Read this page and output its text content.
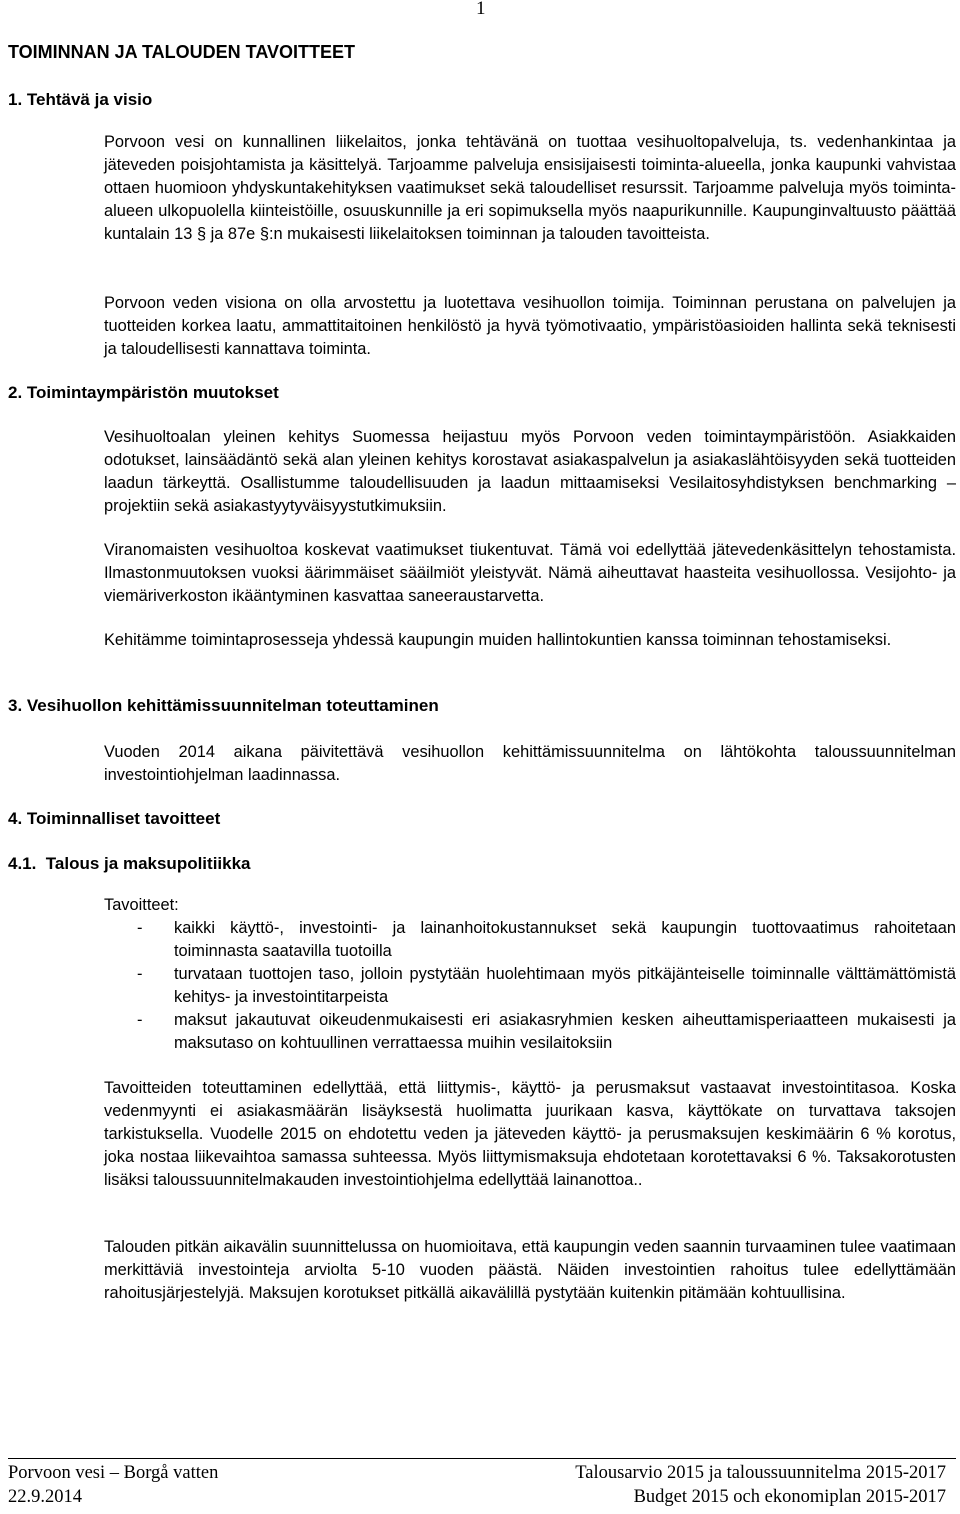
1
TOIMINNAN JA TALOUDEN TAVOITTEET
1. Tehtävä ja visio

Porvoon vesi on kunnallinen liikelaitos, jonka tehtävänä on tuottaa vesihuoltopalveluja, ts. vedenhankintaa ja jäteveden poisjohtamista ja käsittelyä. Tarjoamme palveluja ensisijaisesti toiminta-alueella, jonka kaupunki vahvistaa ottaen huomioon yhdyskuntakehityksen vaatimukset sekä taloudelliset resurssit. Tarjoamme palveluja myös toiminta-alueen ulkopuolella kiinteistöille, osuuskunnille ja eri sopimuksella myös naapurikunnille. Kaupunginvaltuusto päättää kuntalain 13 § ja 87e §:n mukaisesti liikelaitoksen toiminnan ja talouden tavoitteista.

Porvoon veden visiona on olla arvostettu ja luotettava vesihuollon toimija. Toiminnan perustana on palvelujen ja tuotteiden korkea laatu, ammattitaitoinen henkilöstö ja hyvä työmotivaatio, ympäristöasioiden hallinta sekä teknisesti ja taloudellisesti kannattava toiminta.

2. Toimintaympäristön muutokset

Vesihuoltoalan yleinen kehitys Suomessa heijastuu myös Porvoon veden toimintaympäristöön. Asiakkaiden odotukset, lainsäädäntö sekä alan yleinen kehitys korostavat asiakaspalvelun ja asiakaslähtöisyyden sekä tuotteiden laadun tärkeyttä. Osallistumme taloudellisuuden ja laadun mittaamiseksi Vesilaitosyhdistyksen benchmarking –projektiin sekä asiakastyytyväisyystutkimuksiin.

Viranomaisten vesihuoltoa koskevat vaatimukset tiukentuvat. Tämä voi edellyttää jätevedenkäsittelyn tehostamista. Ilmastonmuutoksen vuoksi äärimmäiset sääilmiöt yleistyvät. Nämä aiheuttavat haasteita vesihuollossa. Vesijohto- ja viemäriverkoston ikääntyminen kasvattaa saneeraustarvetta.

Kehitämme toimintaprosesseja yhdessä kaupungin muiden hallintokuntien kanssa toiminnan tehostamiseksi.

3. Vesihuollon kehittämissuunnitelman toteuttaminen

Vuoden 2014 aikana päivitettävä vesihuollon kehittämissuunnitelma on lähtökohta taloussuunnitelman investointiohjelman laadinnassa.

4. Toiminnalliset tavoitteet
4.1.  Talous ja maksupolitiikka
Tavoitteet:
- kaikki käyttö-, investointi- ja lainanhoitokustannukset sekä kaupungin tuottovaatimus rahoitetaan toiminnasta saatavilla tuotoilla
- turvataan tuottojen taso, jolloin pystytään huolehtimaan myös pitkäjänteiselle toiminnalle välttämättömistä kehitys- ja investointitarpeista
- maksut jakautuvat oikeudenmukaisesti eri asiakasryhmien kesken aiheuttamisperiaatteen mukaisesti ja maksutaso on kohtuullinen verrattaessa muihin vesilaitoksiin

Tavoitteiden toteuttaminen edellyttää, että liittymis-, käyttö- ja perusmaksut vastaavat investointitasoa. Koska vedenmyynti ei asiakasmäärän lisäyksestä huolimatta juurikaan kasva, käyttökate on turvattava taksojen tarkistuksella. Vuodelle 2015 on ehdotettu veden ja jäteveden käyttö- ja perusmaksujen keskimäärin 6 % korotus, joka nostaa liikevaihtoa samassa suhteessa. Myös liittymismaksuja ehdotetaan korotettavaksi 6 %. Taksakorotusten lisäksi taloussuunnitelmakauden investointiohjelma edellyttää lainanottoa..

Talouden pitkän aikavälin suunnittelussa on huomioitava, että kaupungin veden saannin turvaaminen tulee vaatimaan merkittäviä investointeja arviolta 5-10 vuoden päästä. Näiden investointien rahoitus tulee edellyttämään rahoitusjärjestelyjä. Maksujen korotukset pitkällä aikavälillä pystytään kuitenkin pitämään kohtuullisina.

Porvoon vesi – Borgå vatten
22.9.2014
Talousarvio 2015 ja taloussuunnitelma 2015-2017
Budget 2015 och ekonomiplan 2015-2017
